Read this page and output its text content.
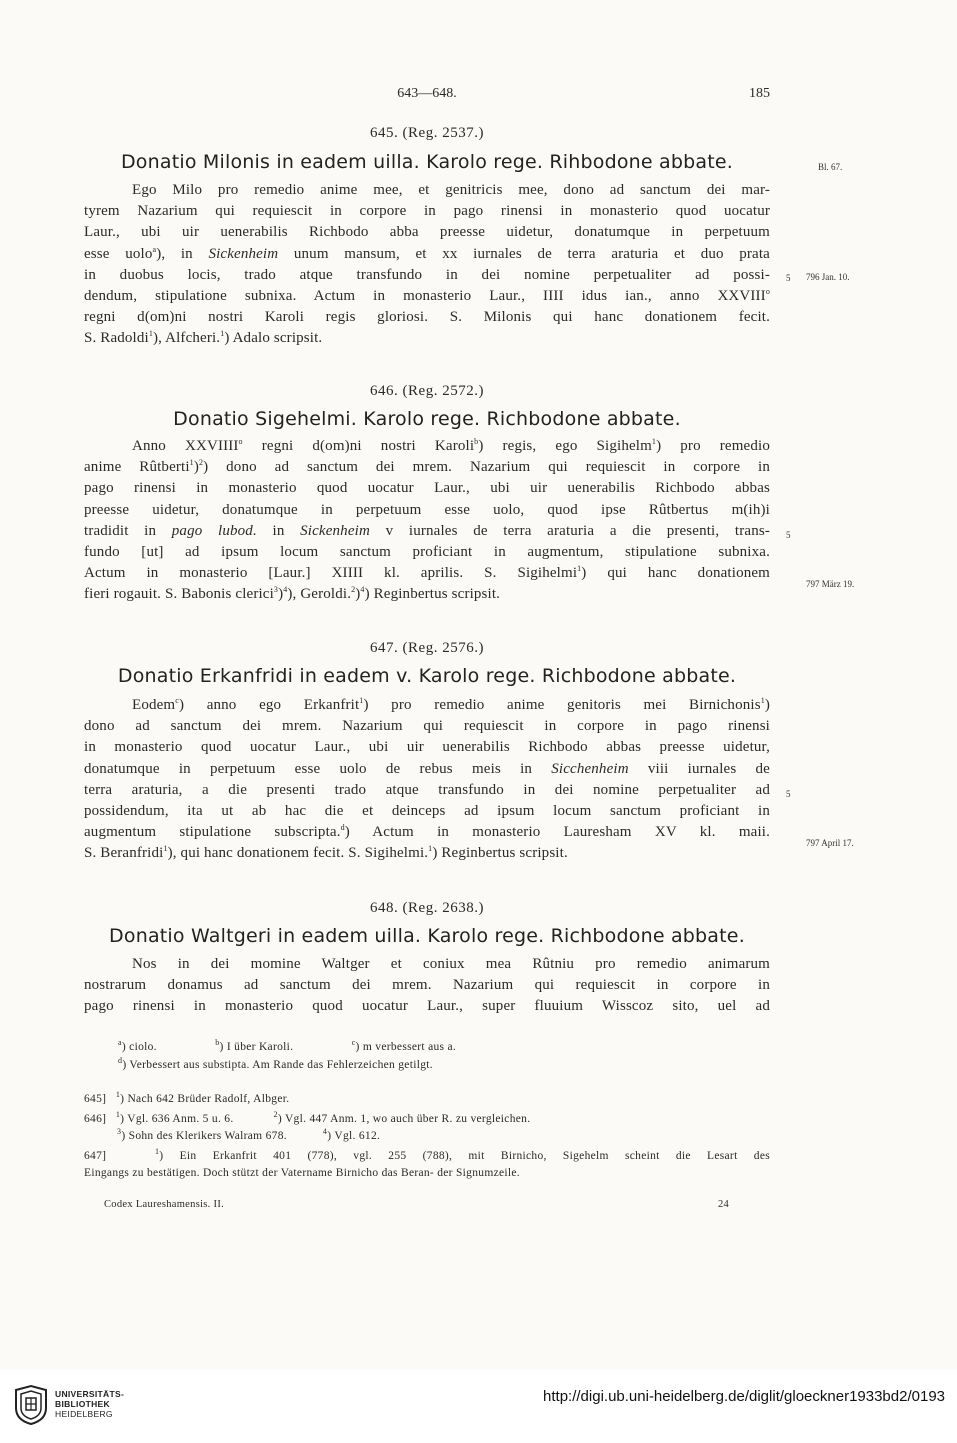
643—648.	185
645. (Reg. 2537.)
Donatio Milonis in eadem uilla. Karolo rege. Rihbodone abbate.	Bl. 67.
Ego Milo pro remedio anime mee, et genitricis mee, dono ad sanctum dei mar-
tyrem Nazarium qui requiescit in corpore in pago rinensi in monasterio quod uocatur
Laur., ubi uir uenerabilis Richbodo abba preesse uidetur, donatumque in perpetuum
esse uolo$^a$), in Sickenheim unum mansum, et xx iurnales de terra araturia et duo prata
in duobus locis, trado atque transfundo in dei nomine perpetualiter ad possi-
dendum, stipulatione subnixa. Actum in monasterio Laur., IIII idus ian., anno XXVIII$^o$
regni d(om)ni nostri Karoli regis gloriosi. S. Milonis qui hanc donationem fecit.
S. Radoldi$^1$), Alfcheri.$^1$) Adalo scripsit.
5 796 Jan. 10.
646. (Reg. 2572.)
Donatio Sigehelmi. Karolo rege. Richbodone abbate.
Anno XXVIIII$^o$ regni d(om)ni nostri Karoli$^b$) regis, ego Sigihelm$^1$) pro remedio
anime Rûtberti$^1$)$^2$) dono ad sanctum dei mrem. Nazarium qui requiescit in corpore in
pago rinensi in monasterio quod uocatur Laur., ubi uir uenerabilis Richbodo abbas
preesse uidetur, donatumque in perpetuum esse uolo, quod ipse Rûtbertus m(ih)i
tradidit in pago lubod. in Sickenheim v iurnales de terra araturia a die presenti, trans-
fundo [ut] ad ipsum locum sanctum proficiant in augmentum, stipulatione subnixa.
Actum in monasterio [Laur.] XIIII kl. aprilis. S. Sigihelmi$^1$) qui hanc donationem
fieri rogauit. S. Babonis clerici$^3$)$^4$), Geroldi.$^2$)$^4$) Reginbertus scripsit.
5
797 März 19.
647. (Reg. 2576.)
Donatio Erkanfridi in eadem v. Karolo rege. Richbodone abbate.
Eodem$^c$) anno ego Erkanfrit$^1$) pro remedio anime genitoris mei Birnichonis$^1$)
dono ad sanctum dei mrem. Nazarium qui requiescit in corpore in pago rinensi
in monasterio quod uocatur Laur., ubi uir uenerabilis Richbodo abbas preesse uidetur,
donatumque in perpetuum esse uolo de rebus meis in Sicchenheim viii iurnales de
terra araturia, a die presenti trado atque transfundo in dei nomine perpetualiter ad
possidendum, ita ut ab hac die et deinceps ad ipsum locum sanctum proficiant in
augmentum stipulatione subscripta.$^d$) Actum in monasterio Lauresham XV kl. maii.
S. Beranfridi$^1$), qui hanc donationem fecit. S. Sigihelmi.$^1$) Reginbertus scripsit.
5
797 April 17.
648. (Reg. 2638.)
Donatio Waltgeri in eadem uilla. Karolo rege. Richbodone abbate.
Nos in dei momine Waltger et coniux mea Rûtniu pro remedio animarum
nostrarum donamus ad sanctum dei mrem. Nazarium qui requiescit in corpore in
pago rinensi in monasterio quod uocatur Laur., super fluuium Wisscoz sito, uel ad
$^a$) ciolo.	$^b$) I über Karoli.	$^c$) m verbessert aus a.
$^d$) Verbessert aus substipta. Am Rande das Fehlerzeichen getilgt.
645] $^1$) Nach 642 Brüder Radolf, Albger.
646] $^1$) Vgl. 636 Anm. 5 u. 6.	$^2$) Vgl. 447 Anm. 1, wo auch über R. zu vergleichen.
$^3$) Sohn des Klerikers Walram 678.	$^4$) Vgl. 612.
647]	$^1$) Ein Erkanfrit 401 (778), vgl. 255 (788), mit Birnicho, Sigehelm scheint die Lesart des
Eingangs zu bestätigen. Doch stützt der Vatername Birnicho das Beran- der Signumzeile.
Codex Laureshamensis. II.	24
UNIVERSITÄTS-
BIBLIOTHEK
HEIDELBERG
http://digi.ub.uni-heidelberg.de/diglit/gloeckner1933bd2/0193
